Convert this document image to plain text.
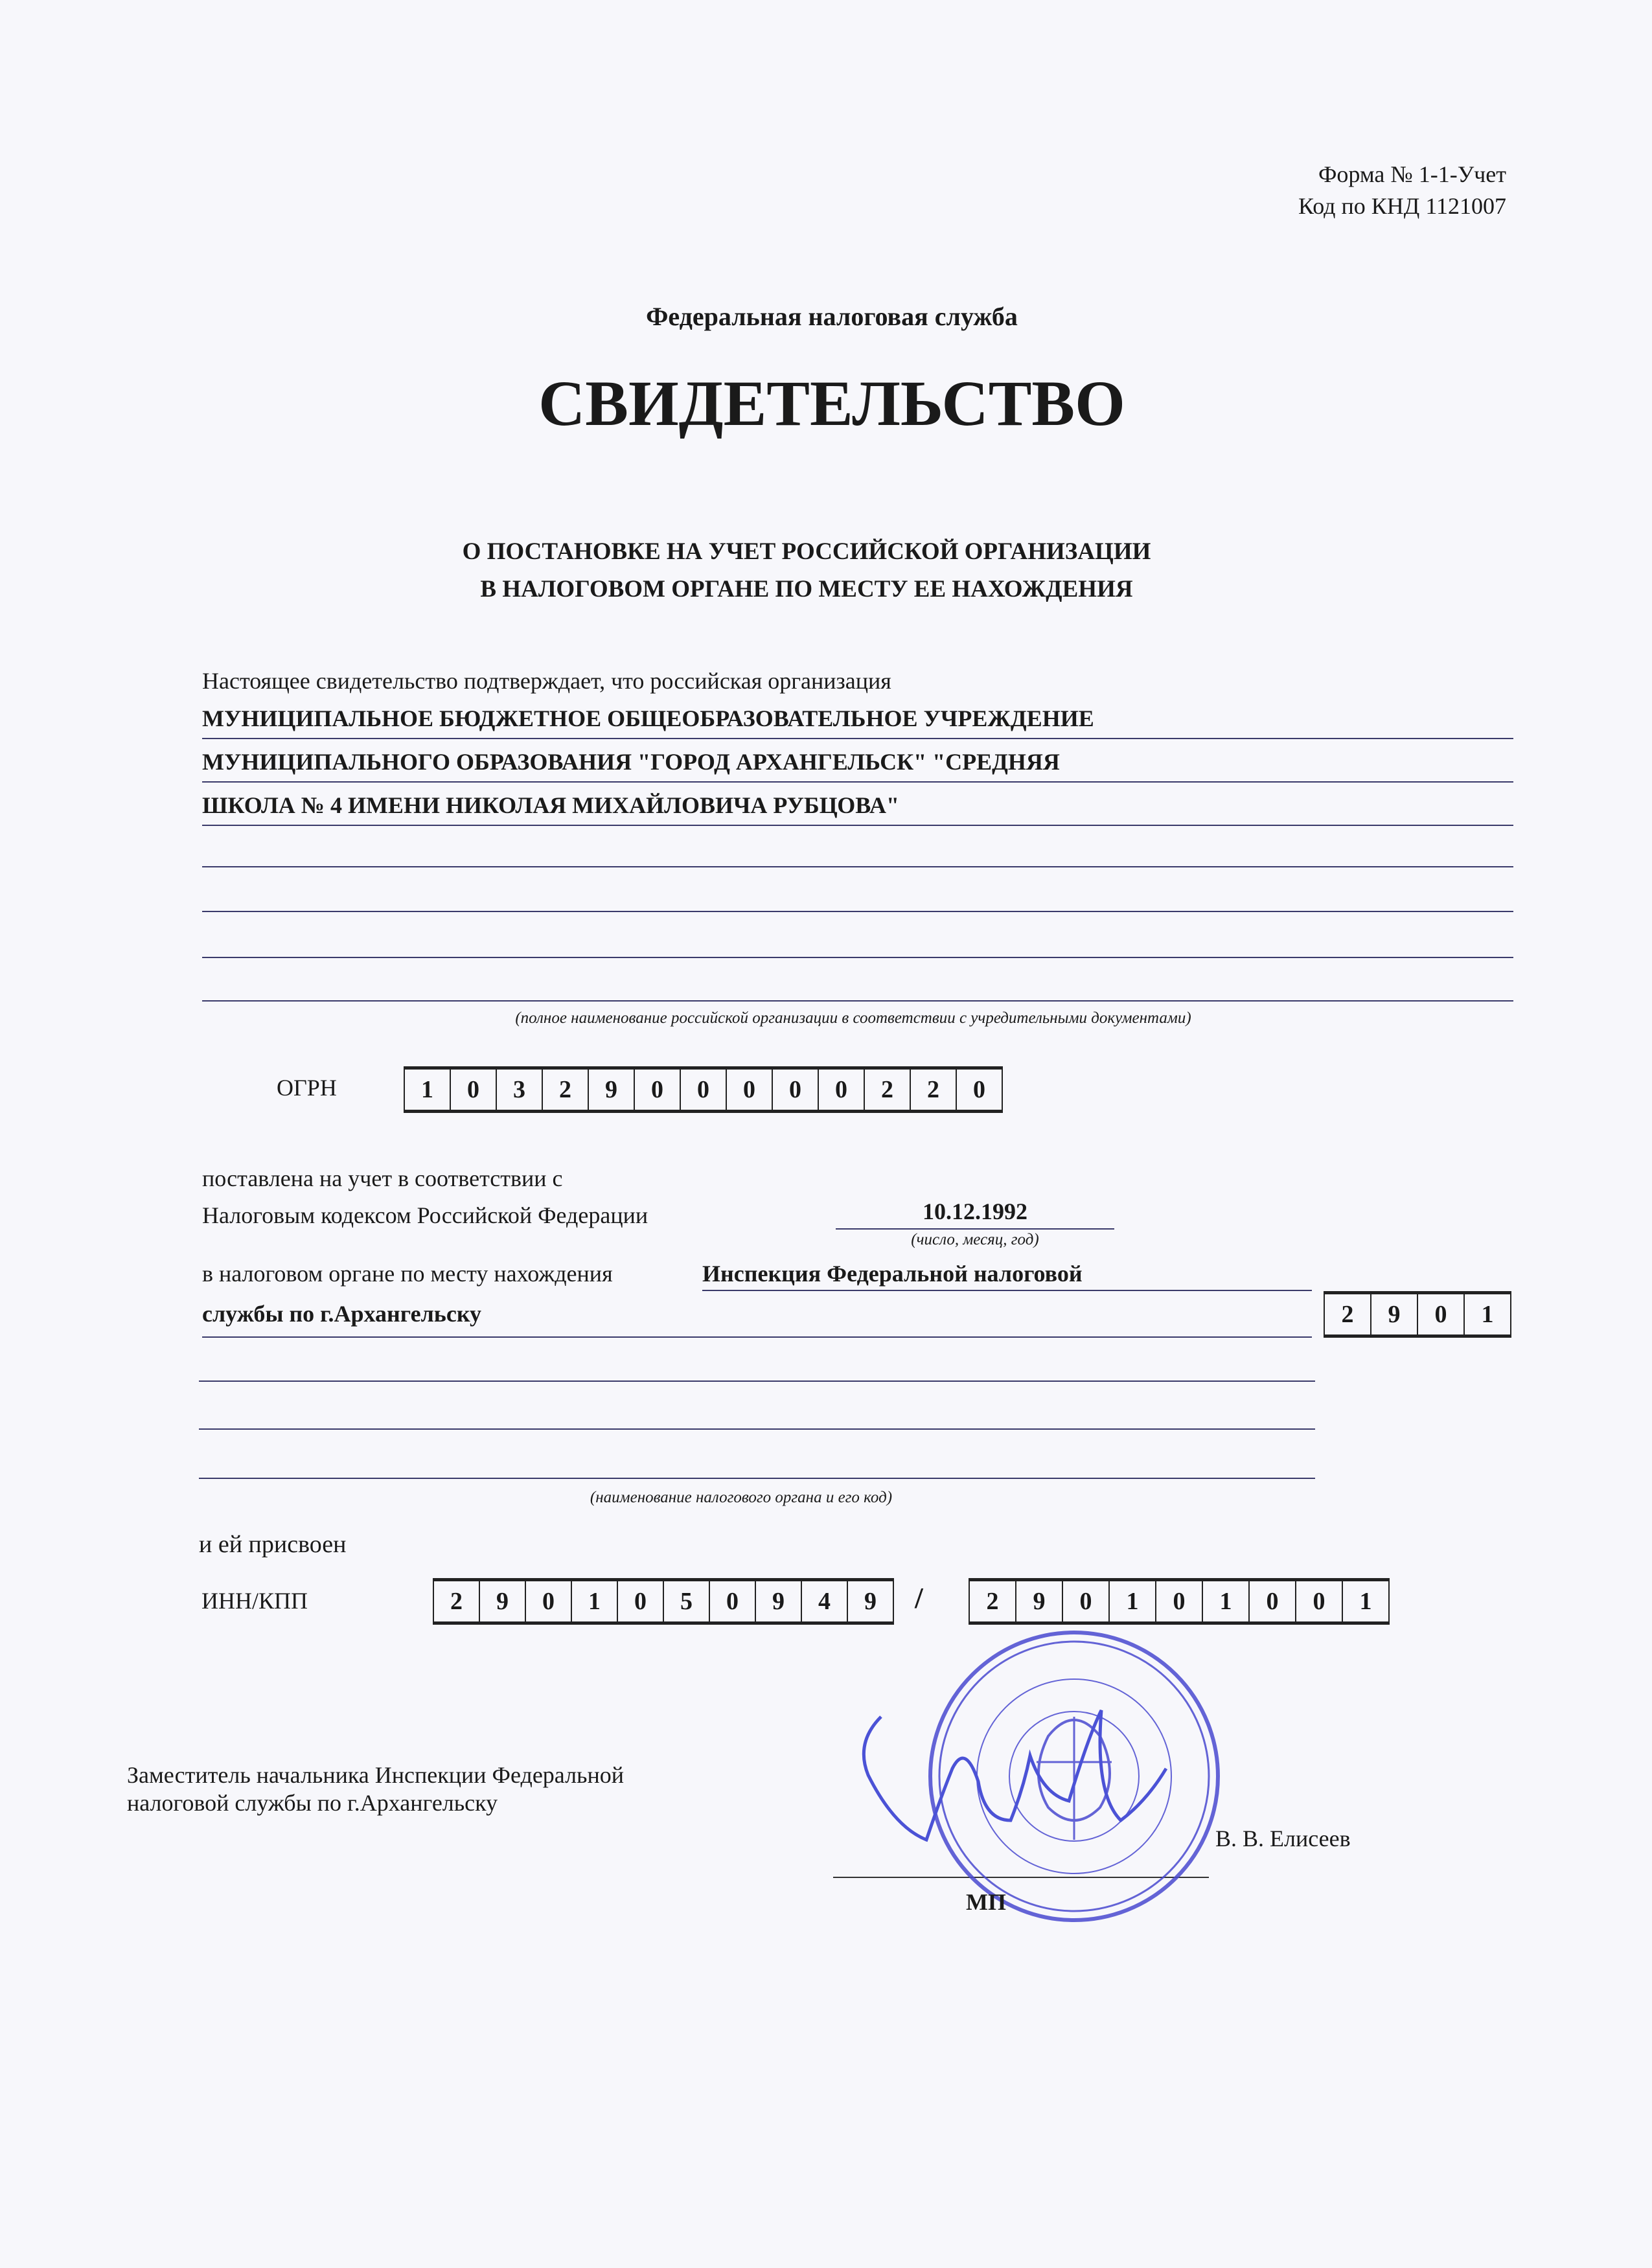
Форма № 1-1-Учет
Код по КНД 1121007
Федеральная налоговая служба
СВИДЕТЕЛЬСТВО
О ПОСТАНОВКЕ НА УЧЕТ РОССИЙСКОЙ ОРГАНИЗАЦИИ
В НАЛОГОВОМ ОРГАНЕ ПО МЕСТУ ЕЕ НАХОЖДЕНИЯ
Настоящее свидетельство подтверждает, что российская организация
МУНИЦИПАЛЬНОЕ БЮДЖЕТНОЕ ОБЩЕОБРАЗОВАТЕЛЬНОЕ УЧРЕЖДЕНИЕ
МУНИЦИПАЛЬНОГО ОБРАЗОВАНИЯ "ГОРОД АРХАНГЕЛЬСК" "СРЕДНЯЯ
ШКОЛА № 4 ИМЕНИ НИКОЛАЯ МИХАЙЛОВИЧА РУБЦОВА"
(полное наименование российской организации в соответствии с учредительными документами)
ОГРН	1	0	3	2	9	0	0	0	0	0	2	2	0
поставлена на учет в соответствии с
Налоговым кодексом Российской Федерации	10.12.1992
(число, месяц, год)
в налоговом органе по месту нахождения	Инспекция Федеральной налоговой
службы по г.Архангельску	2	9	0	1
(наименование налогового органа и его код)
и ей присвоен
ИНН/КПП	2	9	0	1	0	5	0	9	4	9	/	2	9	0	1	0	1	0	0	1
Заместитель начальника Инспекции Федеральной
налоговой службы по г.Архангельску
В. В. Елисеев
МП
